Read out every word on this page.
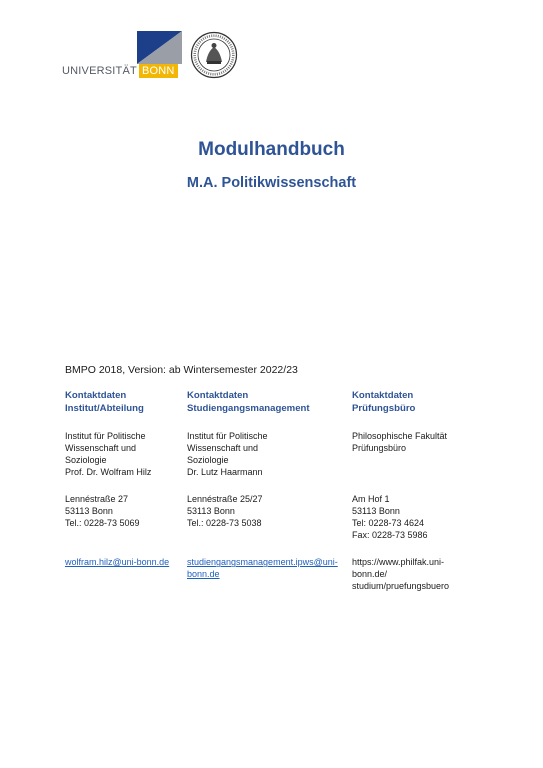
UNIVERSITÄT BONN
Modulhandbuch
M.A. Politikwissenschaft
BMPO 2018, Version: ab Wintersemester 2022/23
Kontaktdaten
Institut/Abteilung
Institut für Politische
Wissenschaft und
Soziologie
Prof. Dr. Wolfram Hilz
Lennéstraße 27
53113 Bonn
Tel.: 0228-73 5069
wolfram.hilz@uni-bonn.de
Kontaktdaten
Studiengangsmanagement
Institut für Politische
Wissenschaft und
Soziologie
Dr. Lutz Haarmann
Lennéstraße 25/27
53113 Bonn
Tel.: 0228-73 5038
studiengangsmanagement.ipws@uni-
bonn.de
Kontaktdaten
Prüfungsbüro
Philosophische Fakultät
Prüfungsbüro
Am Hof 1
53113 Bonn
Tel: 0228-73 4624
Fax: 0228-73 5986
https://www.philfak.uni-
bonn.de/
studium/pruefungsbuero
